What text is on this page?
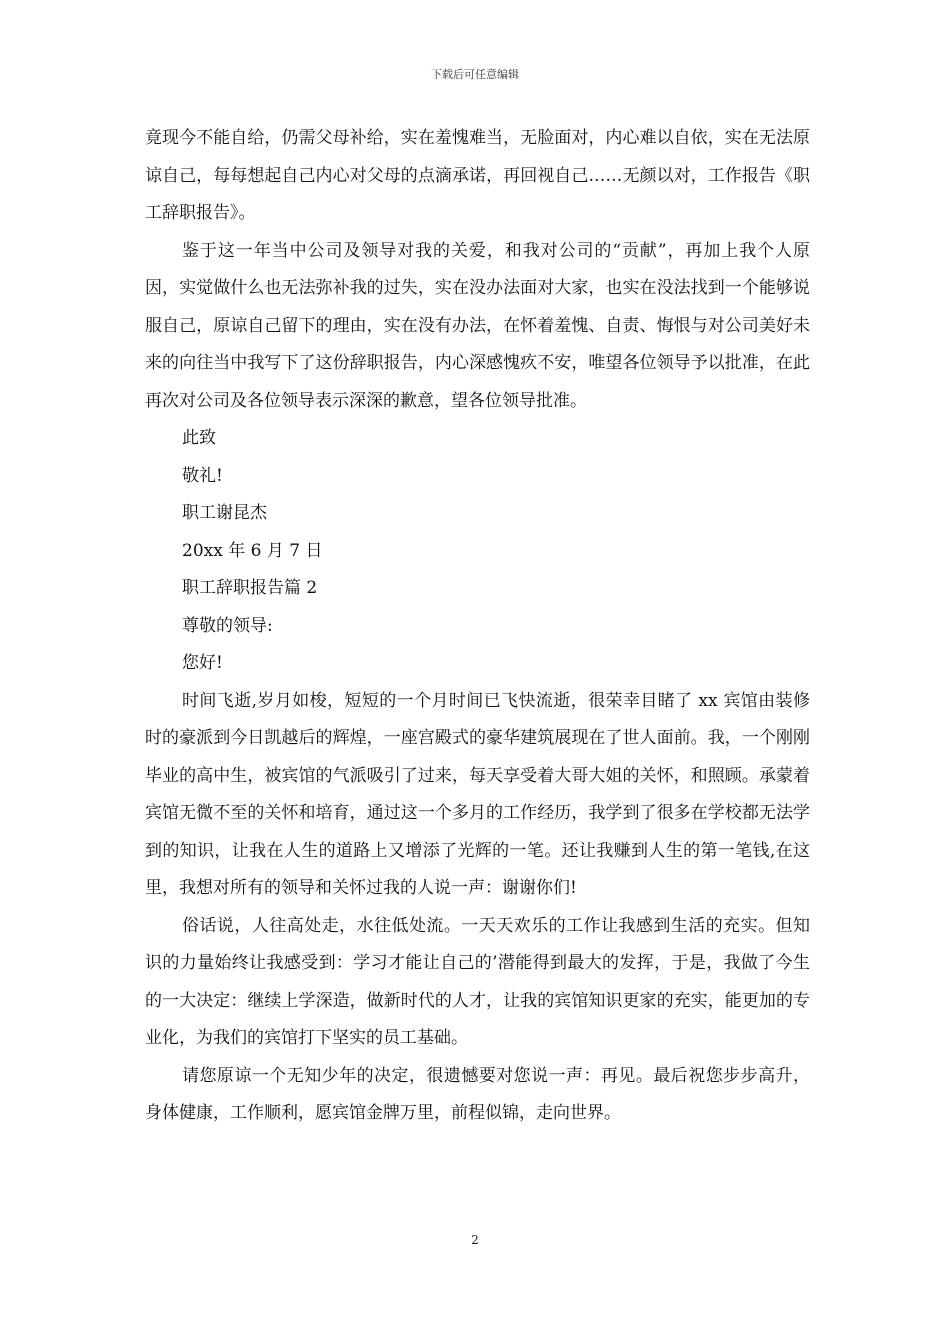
下载后可任意编辑

竟现今不能自给，仍需父母补给，实在羞愧难当，无脸面对，内心难以自依，实在无法原谅自己，每每想起自己内心对父母的点滴承诺，再回视自己……无颜以对，工作报告《职工辞职报告》。

鉴于这一年当中公司及领导对我的关爱，和我对公司的“贡献”，再加上我个人原因，实觉做什么也无法弥补我的过失，实在没办法面对大家，也实在没法找到一个能够说服自己，原谅自己留下的理由，实在没有办法，在怀着羞愧、自责、悔恨与对公司美好未来的向往当中我写下了这份辞职报告，内心深感愧疚不安，唯望各位领导予以批准，在此再次对公司及各位领导表示深深的歉意，望各位领导批准。

此致

敬礼!

职工谢昆杰

20xx 年 6 月 7 日

职工辞职报告篇 2

尊敬的领导:

您好!

时间飞逝,岁月如梭，短短的一个月时间已飞快流逝，很荣幸目睹了 xx 宾馆由装修时的豪派到今日凯越后的辉煌，一座宫殿式的豪华建筑展现在了世人面前。我，一个刚刚毕业的高中生，被宾馆的气派吸引了过来，每天享受着大哥大姐的关怀，和照顾。承蒙着宾馆无微不至的关怀和培育，通过这一个多月的工作经历，我学到了很多在学校都无法学到的知识，让我在人生的道路上又增添了光辉的一笔。还让我赚到人生的第一笔钱,在这里，我想对所有的领导和关怀过我的人说一声：谢谢你们!

俗话说，人往高处走，水往低处流。一天天欢乐的工作让我感到生活的充实。但知识的力量始终让我感受到：学习才能让自己的’潜能得到最大的发挥，于是，我做了今生的一大决定：继续上学深造，做新时代的人才，让我的宾馆知识更家的充实，能更加的专业化，为我们的宾馆打下坚实的员工基础。

请您原谅一个无知少年的决定，很遗憾要对您说一声：再见。最后祝您步步高升，身体健康，工作顺利，愿宾馆金牌万里，前程似锦，走向世界。

2
